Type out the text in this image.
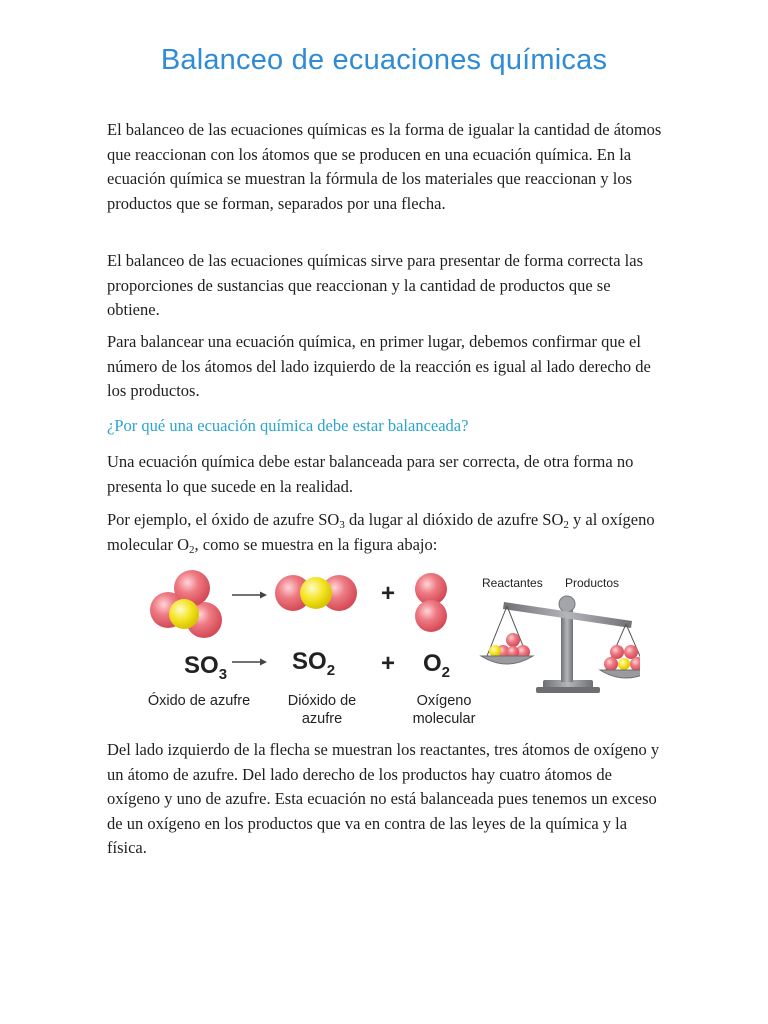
Balanceo de ecuaciones químicas

El balanceo de las ecuaciones químicas es la forma de igualar la cantidad de átomos que reaccionan con los átomos que se producen en una ecuación química. En la ecuación química se muestran la fórmula de los materiales que reaccionan y los productos que se forman, separados por una flecha.

El balanceo de las ecuaciones químicas sirve para presentar de forma correcta las proporciones de sustancias que reaccionan y la cantidad de productos que se obtiene.

Para balancear una ecuación química, en primer lugar, debemos confirmar que el número de los átomos del lado izquierdo de la reacción es igual al lado derecho de los productos.

¿Por qué una ecuación química debe estar balanceada?

Una ecuación química debe estar balanceada para ser correcta, de otra forma no presenta lo que sucede en la realidad.

Por ejemplo, el óxido de azufre $SO_3$ da lugar al dióxido de azufre $SO_2$ y al oxígeno molecular $O_2$, como se muestra en la figura abajo:

+
$SO_3$	$SO_2 + O_2$
Óxido de azufre	Dióxido de
azufre
Oxígeno
molecular
Reactantes Productos

Del lado izquierdo de la flecha se muestran los reactantes, tres átomos de oxígeno y un átomo de azufre. Del lado derecho de los productos hay cuatro átomos de oxígeno y uno de azufre. Esta ecuación no está balanceada pues tenemos un exceso de un oxígeno en los productos que va en contra de las leyes de la química y la física.
